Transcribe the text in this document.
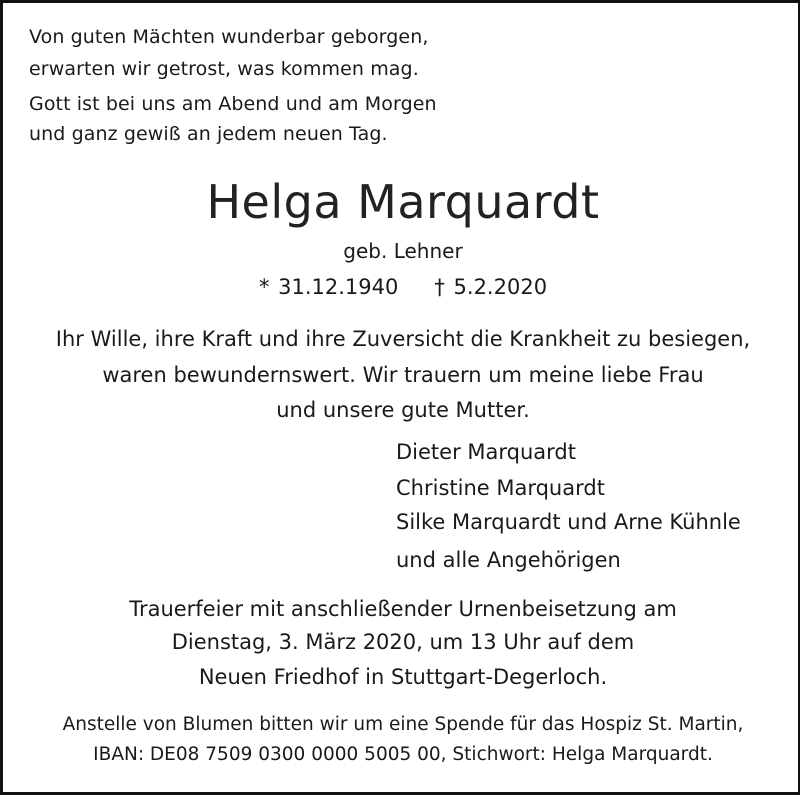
Von guten Mächten wunderbar geborgen,

erwarten wir getrost, was kommen mag.

Gott ist bei uns am Abend und am Morgen

und ganz gewiß an jedem neuen Tag.

Helga Marquardt

geb. Lehner

* 31.12.1940 † 5.2.2020

Ihr Wille, ihre Kraft und ihre Zuversicht die Krankheit zu besiegen,

waren bewundernswert. Wir trauern um meine liebe Frau

und unsere gute Mutter.

Dieter Marquardt

Christine Marquardt

Silke Marquardt und Arne Kühnle

und alle Angehörigen

Trauerfeier mit anschließender Urnenbeisetzung am

Dienstag, 3. März 2020, um 13 Uhr auf dem

Neuen Friedhof in Stuttgart-Degerloch.

Anstelle von Blumen bitten wir um eine Spende für das Hospiz St. Martin,

IBAN: DE08 7509 0300 0000 5005 00, Stichwort: Helga Marquardt.
